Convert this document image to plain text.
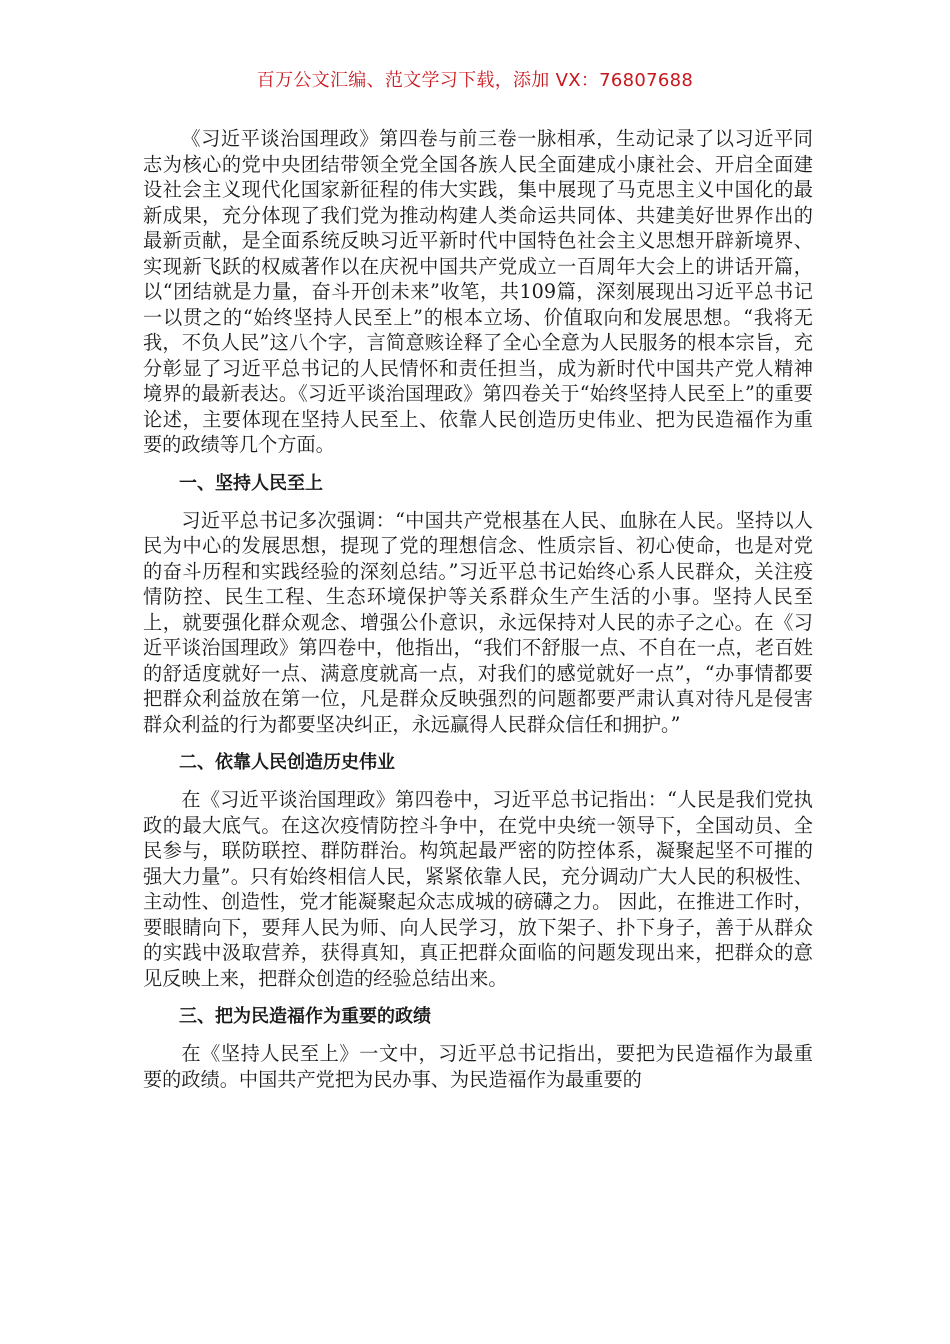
百万公文汇编、范文学习下载，添加 VX：76807688

《习近平谈治国理政》第四卷与前三卷一脉相承，生动记录了以习近平同志为核心的党中央团结带领全党全国各族人民全面建成小康社会、开启全面建设社会主义现代化国家新征程的伟大实践，集中展现了马克思主义中国化的最新成果，充分体现了我们党为推动构建人类命运共同体、共建美好世界作出的最新贡献，是全面系统反映习近平新时代中国特色社会主义思想开辟新境界、实现新飞跃的权威著作以在庆祝中国共产党成立一百周年大会上的讲话开篇，以“团结就是力量，奋斗开创未来”收笔，共109篇，深刻展现出习近平总书记一以贯之的“始终坚持人民至上”的根本立场、价值取向和发展思想。“我将无我，不负人民”这八个字，言简意赅诠释了全心全意为人民服务的根本宗旨，充分彰显了习近平总书记的人民情怀和责任担当，成为新时代中国共产党人精神境界的最新表达。《习近平谈治国理政》第四卷关于“始终坚持人民至上”的重要论述，主要体现在坚持人民至上、依靠人民创造历史伟业、把为民造福作为重要的政绩等几个方面。

一、坚持人民至上

习近平总书记多次强调：“中国共产党根基在人民、血脉在人民。坚持以人民为中心的发展思想，提现了党的理想信念、性质宗旨、初心使命，也是对党的奋斗历程和实践经验的深刻总结。”习近平总书记始终心系人民群众，关注疫情防控、民生工程、生态环境保护等关系群众生产生活的小事。坚持人民至上，就要强化群众观念、增强公仆意识，永远保持对人民的赤子之心。在《习近平谈治国理政》第四卷中，他指出，“我们不舒服一点、不自在一点，老百姓的舒适度就好一点、满意度就高一点，对我们的感觉就好一点”，“办事情都要把群众利益放在第一位，凡是群众反映强烈的问题都要严肃认真对待凡是侵害群众利益的行为都要坚决纠正，永远赢得人民群众信任和拥护。”

二、依靠人民创造历史伟业

在《习近平谈治国理政》第四卷中，习近平总书记指出：“人民是我们党执政的最大底气。在这次疫情防控斗争中，在党中央统一领导下，全国动员、全民参与，联防联控、群防群治。构筑起最严密的防控体系，凝聚起坚不可摧的强大力量”。只有始终相信人民，紧紧依靠人民，充分调动广大人民的积极性、主动性、创造性，党才能凝聚起众志成城的磅礴之力。 因此，在推进工作时，要眼睛向下，要拜人民为师、向人民学习，放下架子、扑下身子，善于从群众的实践中汲取营养，获得真知，真正把群众面临的问题发现出来，把群众的意见反映上来，把群众创造的经验总结出来。

三、把为民造福作为重要的政绩

在《坚持人民至上》一文中，习近平总书记指出，要把为民造福作为最重要的政绩。中国共产党把为民办事、为民造福作为最重要的
